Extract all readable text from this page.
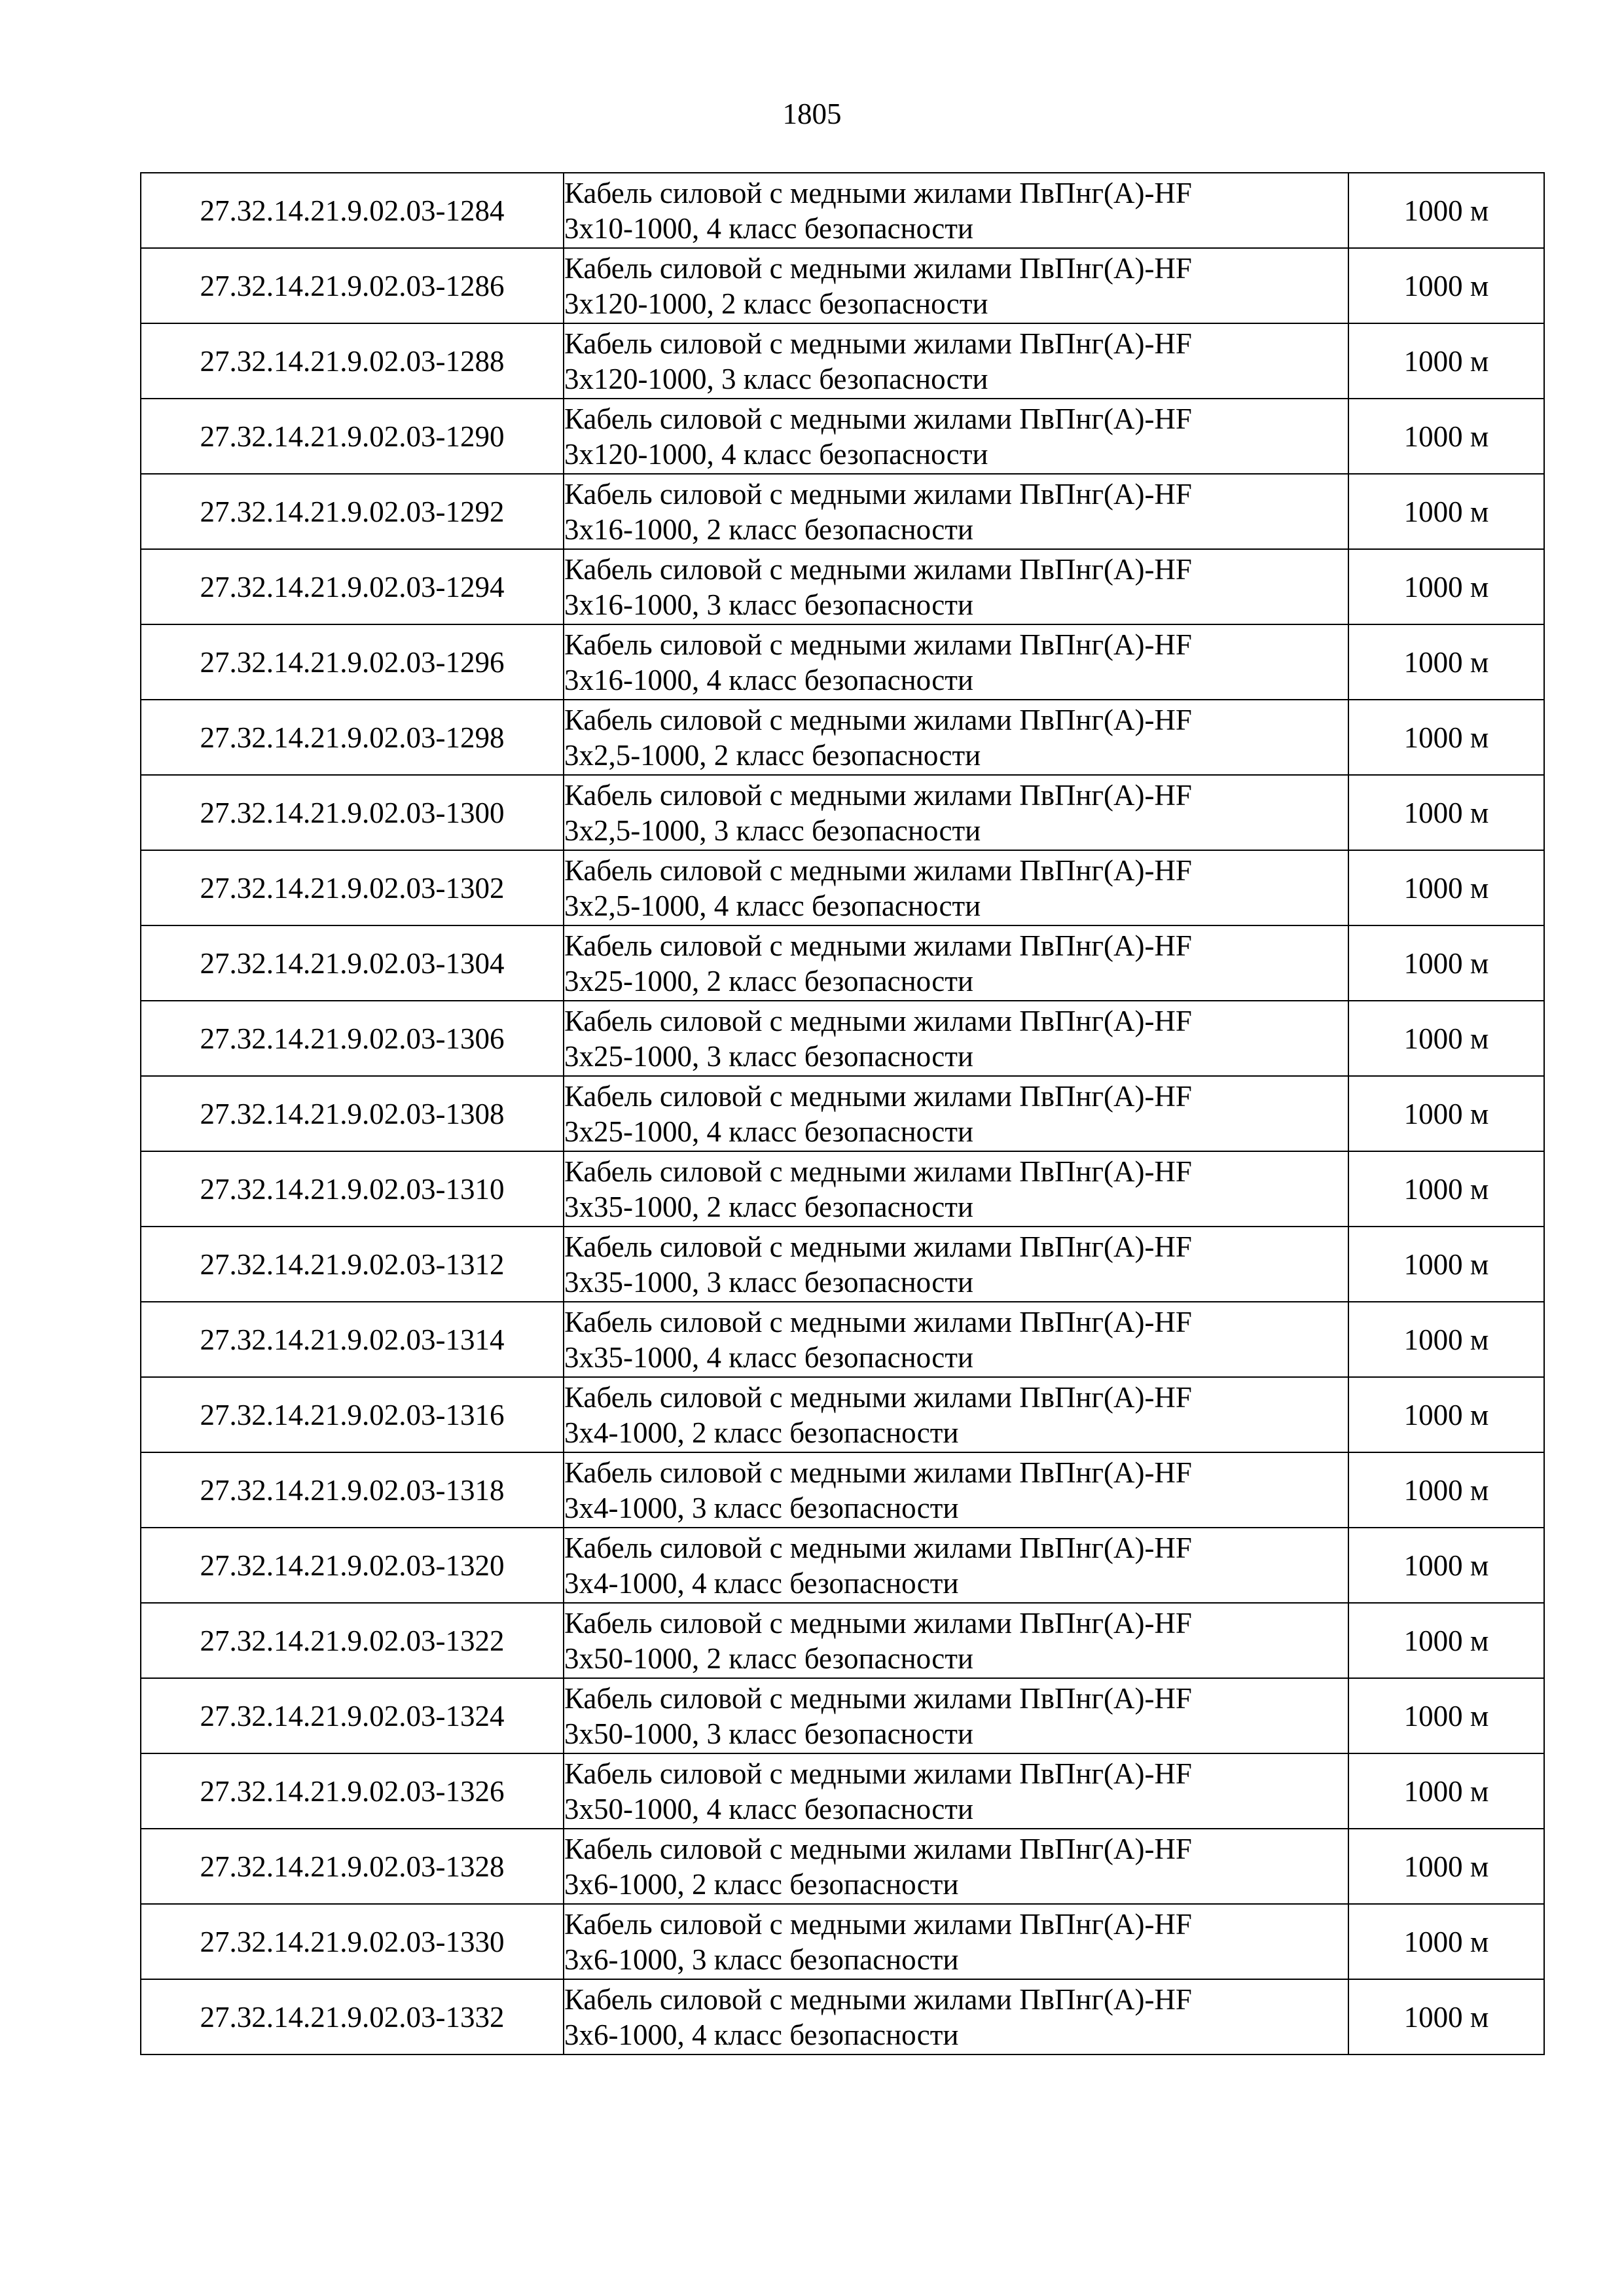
1805
27.32.14.21.9.02.03-1284	Кабель силовой с медными жилами ПвПнг(А)-HF
3х10-1000, 4 класс безопасности	1000 м
27.32.14.21.9.02.03-1286	Кабель силовой с медными жилами ПвПнг(А)-HF
3х120-1000, 2 класс безопасности	1000 м
27.32.14.21.9.02.03-1288	Кабель силовой с медными жилами ПвПнг(А)-HF
3х120-1000, 3 класс безопасности	1000 м
27.32.14.21.9.02.03-1290	Кабель силовой с медными жилами ПвПнг(А)-HF
3х120-1000, 4 класс безопасности	1000 м
27.32.14.21.9.02.03-1292	Кабель силовой с медными жилами ПвПнг(А)-HF
3х16-1000, 2 класс безопасности	1000 м
27.32.14.21.9.02.03-1294	Кабель силовой с медными жилами ПвПнг(А)-HF
3х16-1000, 3 класс безопасности	1000 м
27.32.14.21.9.02.03-1296	Кабель силовой с медными жилами ПвПнг(А)-HF
3х16-1000, 4 класс безопасности	1000 м
27.32.14.21.9.02.03-1298	Кабель силовой с медными жилами ПвПнг(А)-HF
3х2,5-1000, 2 класс безопасности	1000 м
27.32.14.21.9.02.03-1300	Кабель силовой с медными жилами ПвПнг(А)-HF
3х2,5-1000, 3 класс безопасности	1000 м
27.32.14.21.9.02.03-1302	Кабель силовой с медными жилами ПвПнг(А)-HF
3х2,5-1000, 4 класс безопасности	1000 м
27.32.14.21.9.02.03-1304	Кабель силовой с медными жилами ПвПнг(А)-HF
3х25-1000, 2 класс безопасности	1000 м
27.32.14.21.9.02.03-1306	Кабель силовой с медными жилами ПвПнг(А)-HF
3х25-1000, 3 класс безопасности	1000 м
27.32.14.21.9.02.03-1308	Кабель силовой с медными жилами ПвПнг(А)-HF
3х25-1000, 4 класс безопасности	1000 м
27.32.14.21.9.02.03-1310	Кабель силовой с медными жилами ПвПнг(А)-HF
3х35-1000, 2 класс безопасности	1000 м
27.32.14.21.9.02.03-1312	Кабель силовой с медными жилами ПвПнг(А)-HF
3х35-1000, 3 класс безопасности	1000 м
27.32.14.21.9.02.03-1314	Кабель силовой с медными жилами ПвПнг(А)-HF
3х35-1000, 4 класс безопасности	1000 м
27.32.14.21.9.02.03-1316	Кабель силовой с медными жилами ПвПнг(А)-HF
3х4-1000, 2 класс безопасности	1000 м
27.32.14.21.9.02.03-1318	Кабель силовой с медными жилами ПвПнг(А)-HF
3х4-1000, 3 класс безопасности	1000 м
27.32.14.21.9.02.03-1320	Кабель силовой с медными жилами ПвПнг(А)-HF
3х4-1000, 4 класс безопасности	1000 м
27.32.14.21.9.02.03-1322	Кабель силовой с медными жилами ПвПнг(А)-HF
3х50-1000, 2 класс безопасности	1000 м
27.32.14.21.9.02.03-1324	Кабель силовой с медными жилами ПвПнг(А)-HF
3х50-1000, 3 класс безопасности	1000 м
27.32.14.21.9.02.03-1326	Кабель силовой с медными жилами ПвПнг(А)-HF
3х50-1000, 4 класс безопасности	1000 м
27.32.14.21.9.02.03-1328	Кабель силовой с медными жилами ПвПнг(А)-HF
3х6-1000, 2 класс безопасности	1000 м
27.32.14.21.9.02.03-1330	Кабель силовой с медными жилами ПвПнг(А)-HF
3х6-1000, 3 класс безопасности	1000 м
27.32.14.21.9.02.03-1332	Кабель силовой с медными жилами ПвПнг(А)-HF
3х6-1000, 4 класс безопасности	1000 м
